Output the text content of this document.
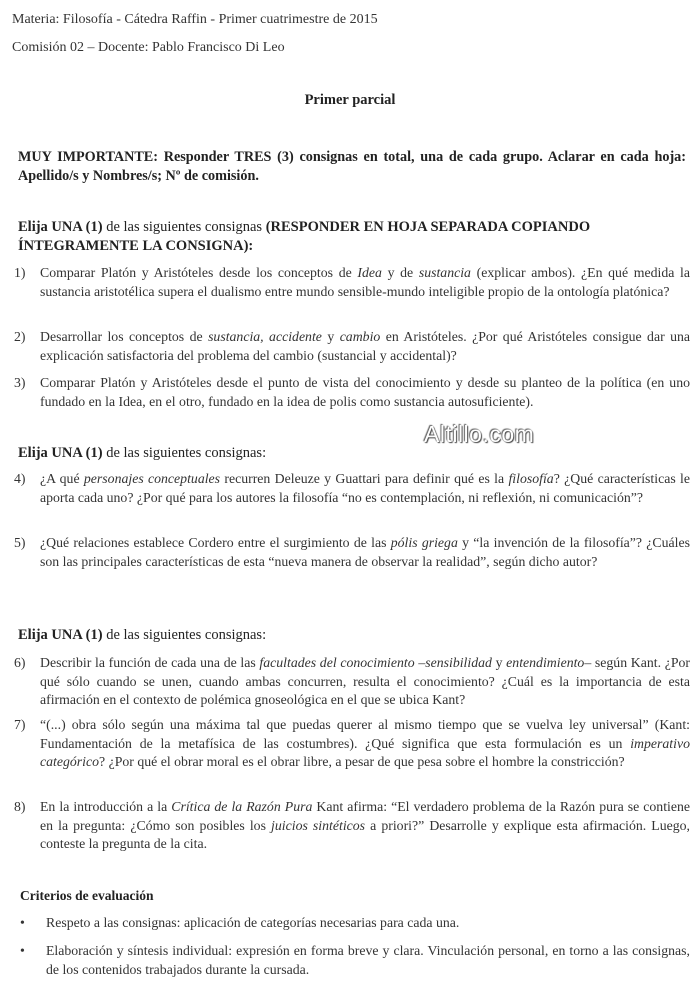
Materia: Filosofía - Cátedra Raffin - Primer cuatrimestre de 2015
Comisión 02 – Docente: Pablo Francisco Di Leo
Primer parcial
MUY IMPORTANTE: Responder TRES (3) consignas en total, una de cada grupo. Aclarar en cada hoja: Apellido/s y Nombres/s; Nº de comisión.
Elija UNA (1) de las siguientes consignas (RESPONDER EN HOJA SEPARADA COPIANDO ÍNTEGRAMENTE LA CONSIGNA):
1)	Comparar Platón y Aristóteles desde los conceptos de Idea y de sustancia (explicar ambos). ¿En qué medida la sustancia aristotélica supera el dualismo entre mundo sensible-mundo inteligible propio de la ontología platónica?
2)	Desarrollar los conceptos de sustancia, accidente y cambio en Aristóteles. ¿Por qué Aristóteles consigue dar una explicación satisfactoria del problema del cambio (sustancial y accidental)?
3)	Comparar Platón y Aristóteles desde el punto de vista del conocimiento y desde su planteo de la política (en uno fundado en la Idea, en el otro, fundado en la idea de polis como sustancia autosuficiente).
Altillo.com
Elija UNA (1) de las siguientes consignas:
4)	¿A qué personajes conceptuales recurren Deleuze y Guattari para definir qué es la filosofía? ¿Qué características le aporta cada uno? ¿Por qué para los autores la filosofía “no es contemplación, ni reflexión, ni comunicación”?
5)	¿Qué relaciones establece Cordero entre el surgimiento de las pólis griega y “la invención de la filosofía”? ¿Cuáles son las principales características de esta “nueva manera de observar la realidad”, según dicho autor?
Elija UNA (1) de las siguientes consignas:
6)	Describir la función de cada una de las facultades del conocimiento –sensibilidad y entendimiento– según Kant. ¿Por qué sólo cuando se unen, cuando ambas concurren, resulta el conocimiento? ¿Cuál es la importancia de esta afirmación en el contexto de polémica gnoseológica en el que se ubica Kant?
7)	“(...) obra sólo según una máxima tal que puedas querer al mismo tiempo que se vuelva ley universal” (Kant: Fundamentación de la metafísica de las costumbres). ¿Qué significa que esta formulación es un imperativo categórico? ¿Por qué el obrar moral es el obrar libre, a pesar de que pesa sobre el hombre la constricción?
8)	En la introducción a la Crítica de la Razón Pura Kant afirma: “El verdadero problema de la Razón pura se contiene en la pregunta: ¿Cómo son posibles los juicios sintéticos a priori?” Desarrolle y explique esta afirmación. Luego, conteste la pregunta de la cita.
Criterios de evaluación
• Respeto a las consignas: aplicación de categorías necesarias para cada una.
• Elaboración y síntesis individual: expresión en forma breve y clara. Vinculación personal, en torno a las consignas, de los contenidos trabajados durante la cursada.
